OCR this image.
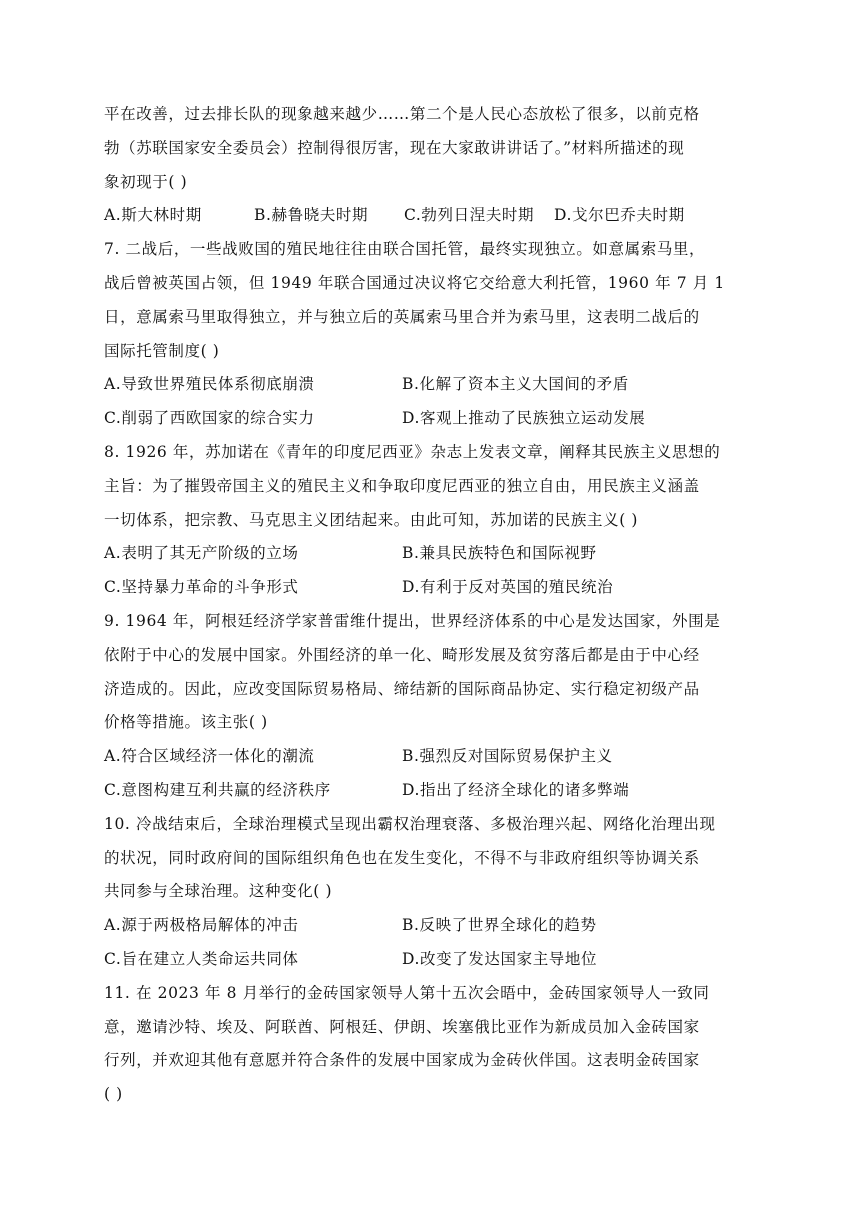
平在改善，过去排长队的现象越来越少……第二个是人民心态放松了很多，以前克格
勃（苏联国家安全委员会）控制得很厉害，现在大家敢讲讲话了。”材料所描述的现
象初现于( )
A.斯大林时期	B.赫鲁晓夫时期	C.勃列日涅夫时期	D.戈尔巴乔夫时期
7. 二战后，一些战败国的殖民地往往由联合国托管，最终实现独立。如意属索马里，
战后曾被英国占领，但 1949 年联合国通过决议将它交给意大利托管，1960 年 7 月 1
日，意属索马里取得独立，并与独立后的英属索马里合并为索马里，这表明二战后的
国际托管制度( )
A.导致世界殖民体系彻底崩溃	B.化解了资本主义大国间的矛盾
C.削弱了西欧国家的综合实力	D.客观上推动了民族独立运动发展
8. 1926 年，苏加诺在《青年的印度尼西亚》杂志上发表文章，阐释其民族主义思想的
主旨：为了摧毁帝国主义的殖民主义和争取印度尼西亚的独立自由，用民族主义涵盖
一切体系，把宗教、马克思主义团结起来。由此可知，苏加诺的民族主义( )
A.表明了其无产阶级的立场	B.兼具民族特色和国际视野
C.坚持暴力革命的斗争形式	D.有利于反对英国的殖民统治
9. 1964 年，阿根廷经济学家普雷维什提出，世界经济体系的中心是发达国家，外围是
依附于中心的发展中国家。外围经济的单一化、畸形发展及贫穷落后都是由于中心经
济造成的。因此，应改变国际贸易格局、缔结新的国际商品协定、实行稳定初级产品
价格等措施。该主张( )
A.符合区域经济一体化的潮流	B.强烈反对国际贸易保护主义
C.意图构建互利共赢的经济秩序	D.指出了经济全球化的诸多弊端
10. 冷战结束后，全球治理模式呈现出霸权治理衰落、多极治理兴起、网络化治理出现
的状况，同时政府间的国际组织角色也在发生变化，不得不与非政府组织等协调关系
共同参与全球治理。这种变化( )
A.源于两极格局解体的冲击	B.反映了世界全球化的趋势
C.旨在建立人类命运共同体	D.改变了发达国家主导地位
11. 在 2023 年 8 月举行的金砖国家领导人第十五次会晤中，金砖国家领导人一致同
意，邀请沙特、埃及、阿联酋、阿根廷、伊朗、埃塞俄比亚作为新成员加入金砖国家
行列，并欢迎其他有意愿并符合条件的发展中国家成为金砖伙伴国。这表明金砖国家
( )
